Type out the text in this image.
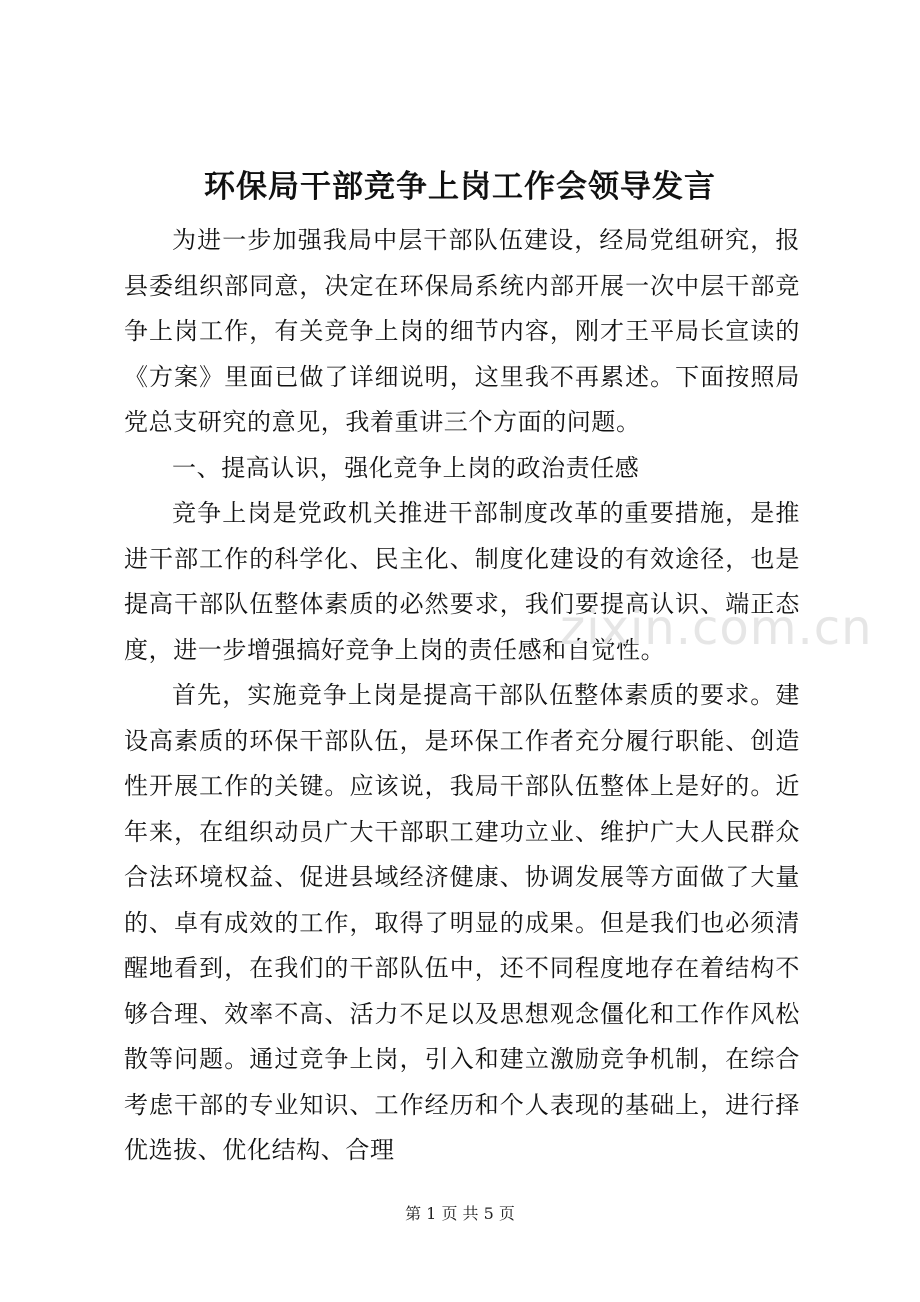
环保局干部竞争上岗工作会领导发言

为进一步加强我局中层干部队伍建设，经局党组研究，报县委组织部同意，决定在环保局系统内部开展一次中层干部竞争上岗工作，有关竞争上岗的细节内容，刚才王平局长宣读的《方案》里面已做了详细说明，这里我不再累述。下面按照局党总支研究的意见，我着重讲三个方面的问题。

一、提高认识，强化竞争上岗的政治责任感

竞争上岗是党政机关推进干部制度改革的重要措施，是推进干部工作的科学化、民主化、制度化建设的有效途径，也是提高干部队伍整体素质的必然要求，我们要提高认识、端正态度，进一步增强搞好竞争上岗的责任感和自觉性。

首先，实施竞争上岗是提高干部队伍整体素质的要求。建设高素质的环保干部队伍，是环保工作者充分履行职能、创造性开展工作的关键。应该说，我局干部队伍整体上是好的。近年来，在组织动员广大干部职工建功立业、维护广大人民群众合法环境权益、促进县域经济健康、协调发展等方面做了大量的、卓有成效的工作，取得了明显的成果。但是我们也必须清醒地看到，在我们的干部队伍中，还不同程度地存在着结构不够合理、效率不高、活力不足以及思想观念僵化和工作作风松散等问题。通过竞争上岗，引入和建立激励竞争机制，在综合考虑干部的专业知识、工作经历和个人表现的基础上，进行择优选拔、优化结构、合理

zixin.com.cn
第 1 页 共 5 页
